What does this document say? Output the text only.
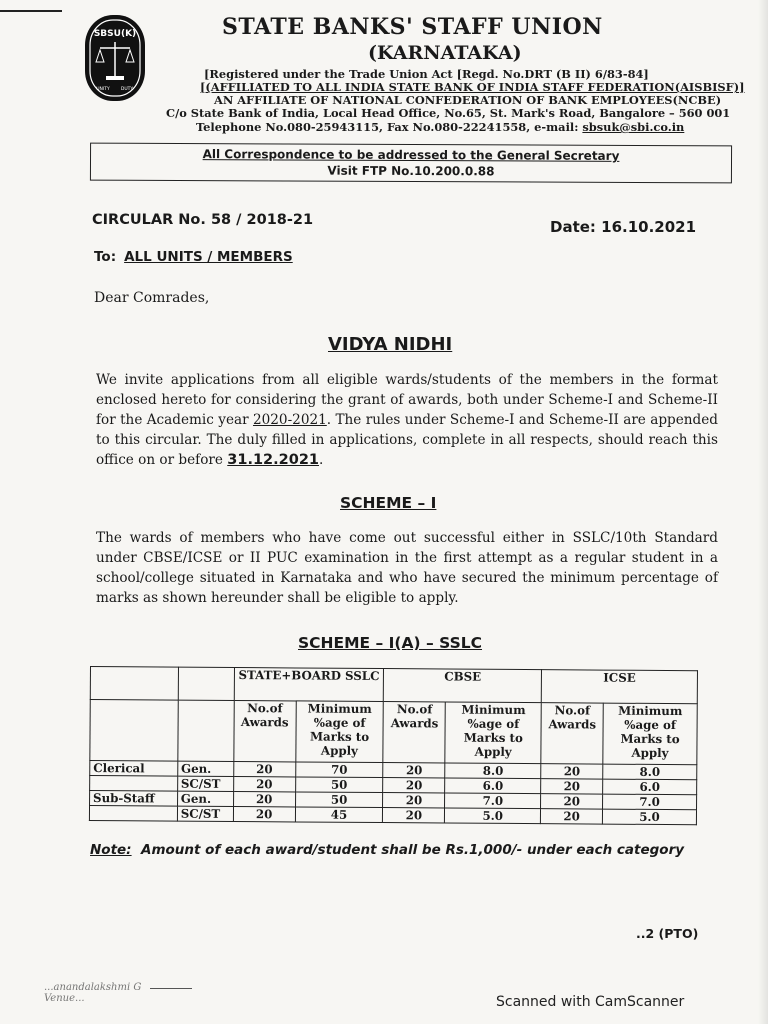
SBSU(K)
UNITY DUTY
STATE BANKS' STAFF UNION
(KARNATAKA)
[Registered under the Trade Union Act [Regd. No.DRT (B II) 6/83-84]
[(AFFILIATED TO ALL INDIA STATE BANK OF INDIA STAFF FEDERATION(AISBISF)]
AN AFFILIATE OF NATIONAL CONFEDERATION OF BANK EMPLOYEES(NCBE)
C/o State Bank of India, Local Head Office, No.65, St. Mark's Road, Bangalore – 560 001
Telephone No.080-25943115, Fax No.080-22241558, e-mail: sbsuk@sbi.co.in
All Correspondence to be addressed to the General Secretary
Visit FTP No.10.200.0.88
CIRCULAR No. 58 / 2018-21	Date: 16.10.2021
To: ALL UNITS / MEMBERS
Dear Comrades,
VIDYA NIDHI
We invite applications from all eligible wards/students of the members in the format enclosed hereto for considering the grant of awards, both under Scheme-I and Scheme-II for the Academic year 2020-2021. The rules under Scheme-I and Scheme-II are appended to this circular. The duly filled in applications, complete in all respects, should reach this office on or before 31.12.2021.
SCHEME – I
The wards of members who have come out successful either in SSLC/10th Standard under CBSE/ICSE or II PUC examination in the first attempt as a regular student in a school/college situated in Karnataka and who have secured the minimum percentage of marks as shown hereunder shall be eligible to apply.
SCHEME – I(A) – SSLC
		STATE+BOARD SSLC		CBSE		ICSE	
		No.of Awards	Minimum %age of Marks to Apply	No.of Awards	Minimum %age of Marks to Apply	No.of Awards	Minimum %age of Marks to Apply
Clerical	Gen.	20	70	20	8.0	20	8.0
	SC/ST	20	50	20	6.0	20	6.0
Sub-Staff	Gen.	20	50	20	7.0	20	7.0
	SC/ST	20	45	20	5.0	20	5.0
Note: Amount of each award/student shall be Rs.1,000/- under each category
..2 (PTO)
...anandalakshmi G
Venue...	Scanned with CamScanner
